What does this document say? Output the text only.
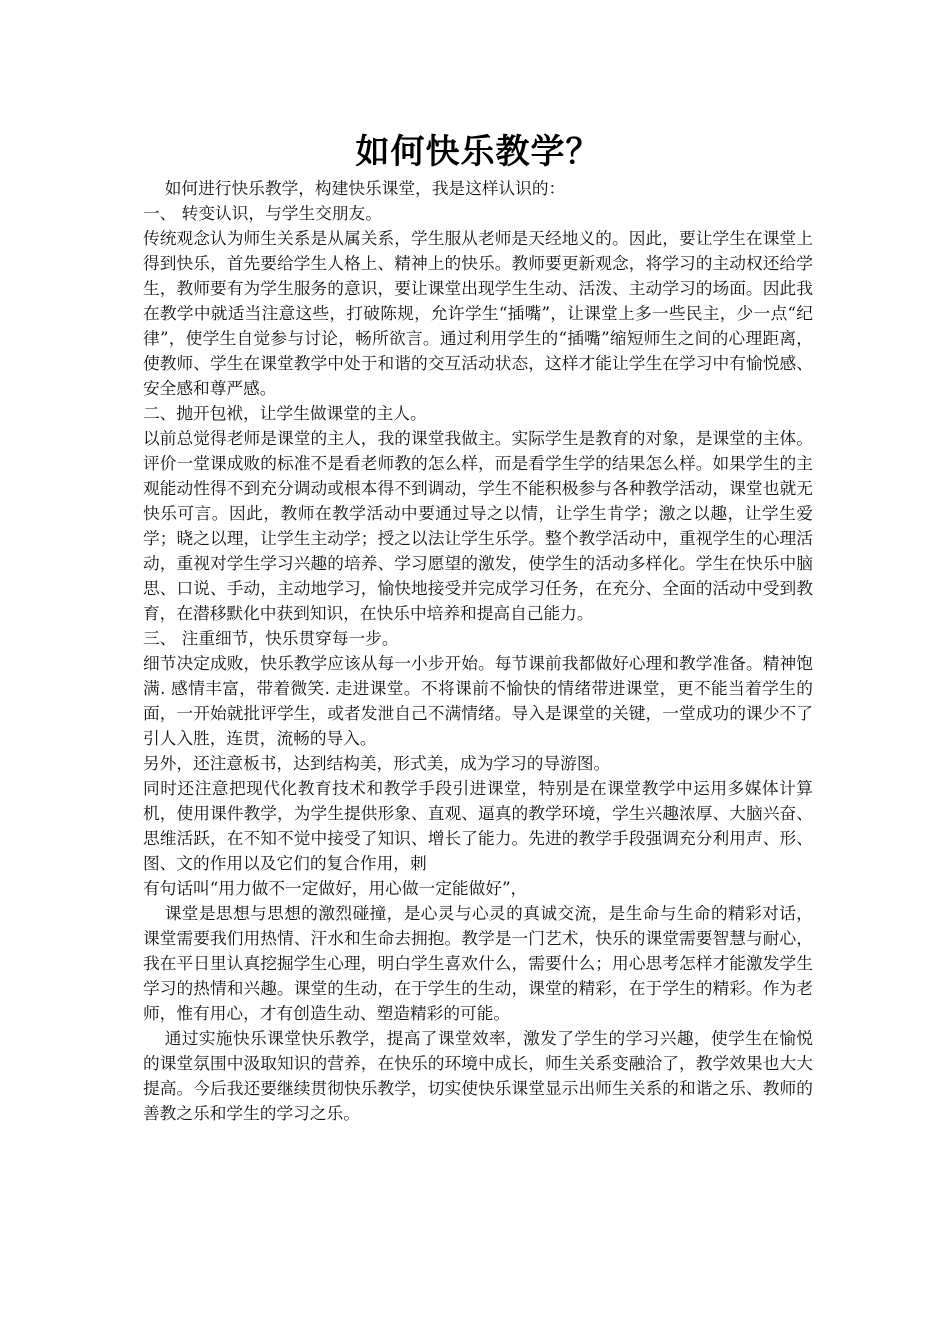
如何快乐教学？

如何进行快乐教学，构建快乐课堂，我是这样认识的：

一、 转变认识，与学生交朋友。

传统观念认为师生关系是从属关系，学生服从老师是天经地义的。因此，要让学生在课堂上得到快乐，首先要给学生人格上、精神上的快乐。教师要更新观念，将学习的主动权还给学生，教师要有为学生服务的意识，要让课堂出现学生生动、活泼、主动学习的场面。因此我在教学中就适当注意这些，打破陈规，允许学生“插嘴”，让课堂上多一些民主，少一点“纪律”，使学生自觉参与讨论，畅所欲言。通过利用学生的“插嘴”缩短师生之间的心理距离，使教师、学生在课堂教学中处于和谐的交互活动状态，这样才能让学生在学习中有愉悦感、安全感和尊严感。

二、抛开包袱，让学生做课堂的主人。

以前总觉得老师是课堂的主人，我的课堂我做主。实际学生是教育的对象，是课堂的主体。评价一堂课成败的标准不是看老师教的怎么样，而是看学生学的结果怎么样。如果学生的主观能动性得不到充分调动或根本得不到调动，学生不能积极参与各种教学活动，课堂也就无快乐可言。因此，教师在教学活动中要通过导之以情，让学生肯学；激之以趣，让学生爱学；晓之以理，让学生主动学；授之以法让学生乐学。整个教学活动中，重视学生的心理活动，重视对学生学习兴趣的培养、学习愿望的激发，使学生的活动多样化。学生在快乐中脑思、口说、手动，主动地学习，愉快地接受并完成学习任务，在充分、全面的活动中受到教育，在潜移默化中获到知识，在快乐中培养和提高自己能力。

三、 注重细节，快乐贯穿每一步。

细节决定成败，快乐教学应该从每一小步开始。每节课前我都做好心理和教学准备。精神饱满. 感情丰富，带着微笑. 走进课堂。不将课前不愉快的情绪带进课堂，更不能当着学生的面，一开始就批评学生，或者发泄自己不满情绪。导入是课堂的关键，一堂成功的课少不了引人入胜，连贯，流畅的导入。

另外，还注意板书，达到结构美，形式美，成为学习的导游图。

同时还注意把现代化教育技术和教学手段引进课堂，特别是在课堂教学中运用多媒体计算机，使用课件教学，为学生提供形象、直观、逼真的教学环境，学生兴趣浓厚、大脑兴奋、思维活跃，在不知不觉中接受了知识、增长了能力。先进的教学手段强调充分利用声、形、图、文的作用以及它们的复合作用，刺

有句话叫“用力做不一定做好，用心做一定能做好”，

课堂是思想与思想的激烈碰撞，是心灵与心灵的真诚交流，是生命与生命的精彩对话，课堂需要我们用热情、汗水和生命去拥抱。教学是一门艺术，快乐的课堂需要智慧与耐心，我在平日里认真挖掘学生心理，明白学生喜欢什么，需要什么；用心思考怎样才能激发学生学习的热情和兴趣。课堂的生动，在于学生的生动，课堂的精彩，在于学生的精彩。作为老师，惟有用心，才有创造生动、塑造精彩的可能。

通过实施快乐课堂快乐教学，提高了课堂效率，激发了学生的学习兴趣，使学生在愉悦的课堂氛围中汲取知识的营养，在快乐的环境中成长，师生关系变融洽了，教学效果也大大提高。今后我还要继续贯彻快乐教学，切实使快乐课堂显示出师生关系的和谐之乐、教师的善教之乐和学生的学习之乐。
